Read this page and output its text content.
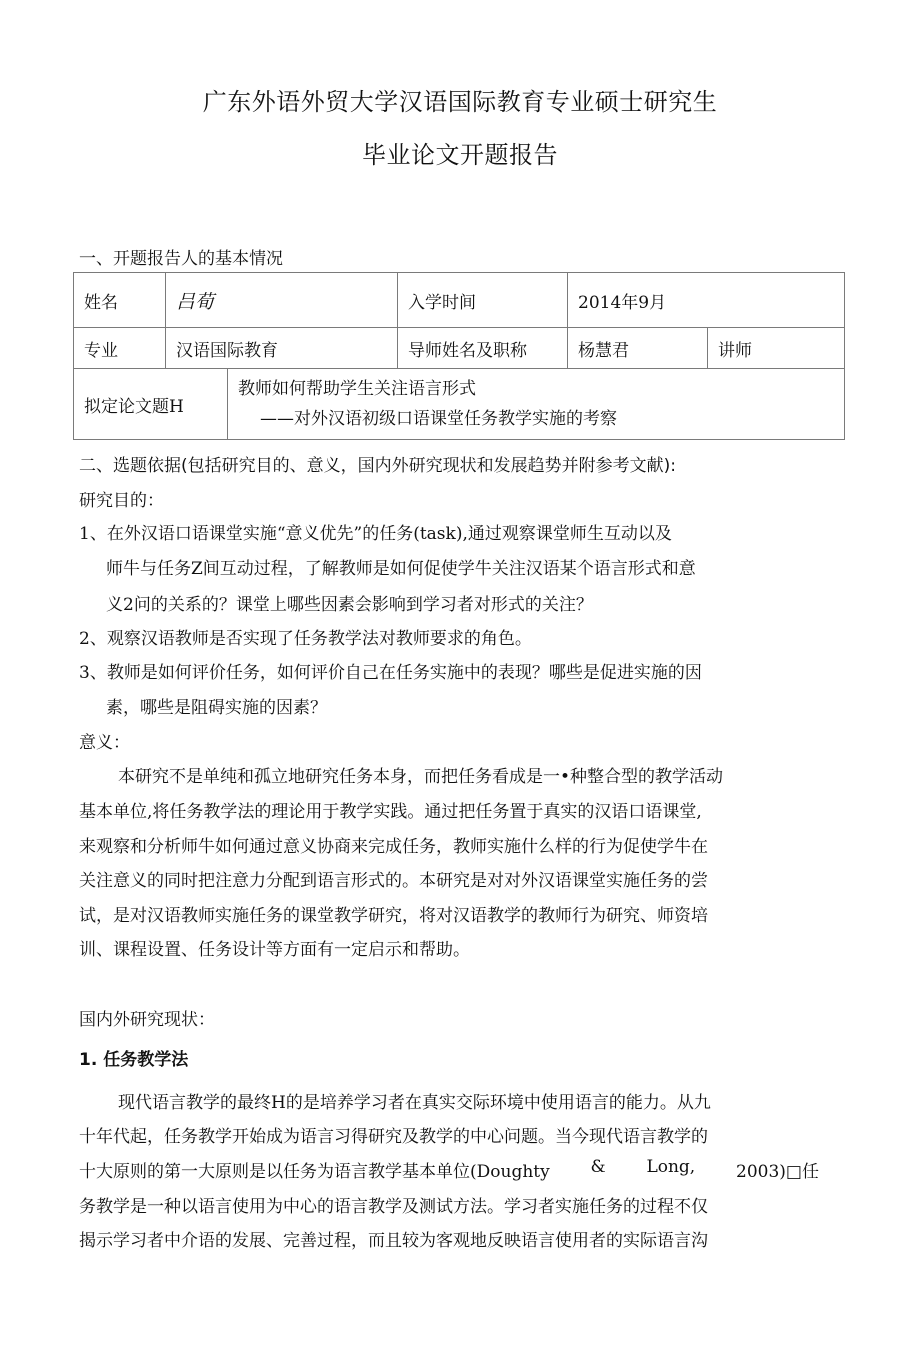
广东外语外贸大学汉语国际教育专业硕士研究生
毕业论文开题报告
一、开题报告人的基本情况
姓名	吕荀		入学时间	2014年9月	
专业	汉语国际教育		导师姓名及职称	杨慧君	讲师
拟定论文题H		教师如何帮助学生关注语言形式
——对外汉语初级口语课堂任务教学实施的考察			
二、选题依据(包括研究目的、意义，国内外研究现状和发展趋势并附参考文献):
研究目的：
1、在外汉语口语课堂实施“意义优先”的任务(task),通过观察课堂师生互动以及
师牛与任务Z间互动过程，了解教师是如何促使学牛关注汉语某个语言形式和意
义2问的关系的？课堂上哪些因素会影响到学习者对形式的关注？
2、观察汉语教师是否实现了任务教学法对教师要求的角色。
3、教师是如何评价任务，如何评价自己在任务实施中的表现？哪些是促进实施的因
素，哪些是阻碍实施的因素？
意义：
本研究不是单纯和孤立地研究任务本身，而把任务看成是一•种整合型的教学活动
基本单位,将任务教学法的理论用于教学实践。通过把任务置于真实的汉语口语课堂,
来观察和分析师牛如何通过意义协商来完成任务，教师实施什么样的行为促使学牛在
关注意义的同时把注意力分配到语言形式的。本研究是对对外汉语课堂实施任务的尝
试，是对汉语教师实施任务的课堂教学研究，将对汉语教学的教师行为研究、师资培
训、课程设置、任务设计等方面有一定启示和帮助。
国内外研究现状：
1. 任务教学法
现代语言教学的最终H的是培养学习者在真实交际环境中使用语言的能力。从九
十年代起，任务教学开始成为语言习得研究及教学的中心问题。当今现代语言教学的
十大原则的第一大原则是以任务为语言教学基本单位(Doughty & Long, 2003)□任
务教学是一种以语言使用为中心的语言教学及测试方法。学习者实施任务的过程不仅
揭示学习者中介语的发展、完善过程，而且较为客观地反映语言使用者的实际语言沟
